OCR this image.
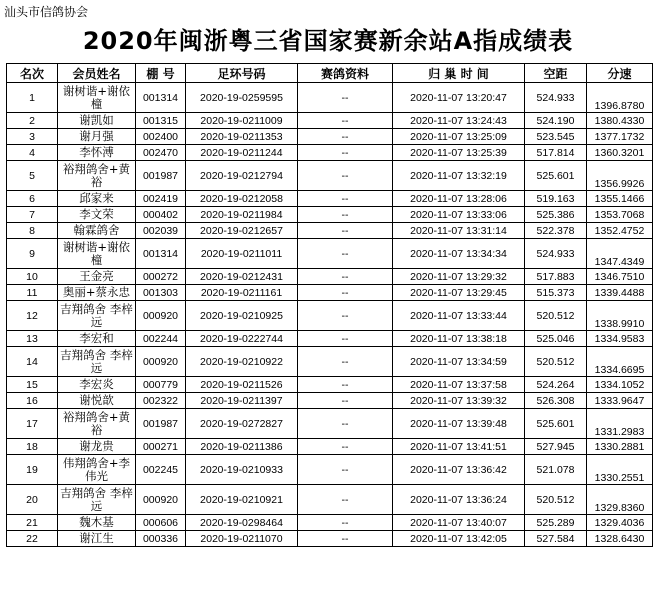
汕头市信鸽协会
2020年闽浙粤三省国家赛新余站A指成绩表
名次	会员姓名	棚 号	足环号码	赛鸽资料	归 巢 时 间	空距	分速
1	谢树谐+谢依橦	001314	2020-19-0259595	--	2020-11-07 13:20:47	524.933	1396.8780
2	谢凯如	001315	2020-19-0211009	--	2020-11-07 13:24:43	524.190	1380.4330
3	谢月强	002400	2020-19-0211353	--	2020-11-07 13:25:09	523.545	1377.1732
4	李怀溥	002470	2020-19-0211244	--	2020-11-07 13:25:39	517.814	1360.3201
5	裕翔鸽舍+黄裕	001987	2020-19-0212794	--	2020-11-07 13:32:19	525.601	1356.9926
6	邱家来	002419	2020-19-0212058	--	2020-11-07 13:28:06	519.163	1355.1466
7	李文荣	000402	2020-19-0211984	--	2020-11-07 13:33:06	525.386	1353.7068
8	翰霖鸽舍	002039	2020-19-0212657	--	2020-11-07 13:31:14	522.378	1352.4752
9	谢树谐+谢依橦	001314	2020-19-0211011	--	2020-11-07 13:34:34	524.933	1347.4349
10	王金亮	000272	2020-19-0212431	--	2020-11-07 13:29:32	517.883	1346.7510
11	奥丽+蔡永忠	001303	2020-19-0211161	--	2020-11-07 13:29:45	515.373	1339.4488
12	吉翔鸽舍 李梓远	000920	2020-19-0210925	--	2020-11-07 13:33:44	520.512	1338.9910
13	李宏和	002244	2020-19-0222744	--	2020-11-07 13:38:18	525.046	1334.9583
14	吉翔鸽舍 李梓远	000920	2020-19-0210922	--	2020-11-07 13:34:59	520.512	1334.6695
15	李宏炎	000779	2020-19-0211526	--	2020-11-07 13:37:58	524.264	1334.1052
16	谢悦歆	002322	2020-19-0211397	--	2020-11-07 13:39:32	526.308	1333.9647
17	裕翔鸽舍+黄裕	001987	2020-19-0272827	--	2020-11-07 13:39:48	525.601	1331.2983
18	谢龙贵	000271	2020-19-0211386	--	2020-11-07 13:41:51	527.945	1330.2881
19	伟翔鸽舍+李伟光	002245	2020-19-0210933	--	2020-11-07 13:36:42	521.078	1330.2551
20	吉翔鸽舍 李梓远	000920	2020-19-0210921	--	2020-11-07 13:36:24	520.512	1329.8360
21	魏木基	000606	2020-19-0298464	--	2020-11-07 13:40:07	525.289	1329.4036
22	谢江生	000336	2020-19-0211070	--	2020-11-07 13:42:05	527.584	1328.6430
